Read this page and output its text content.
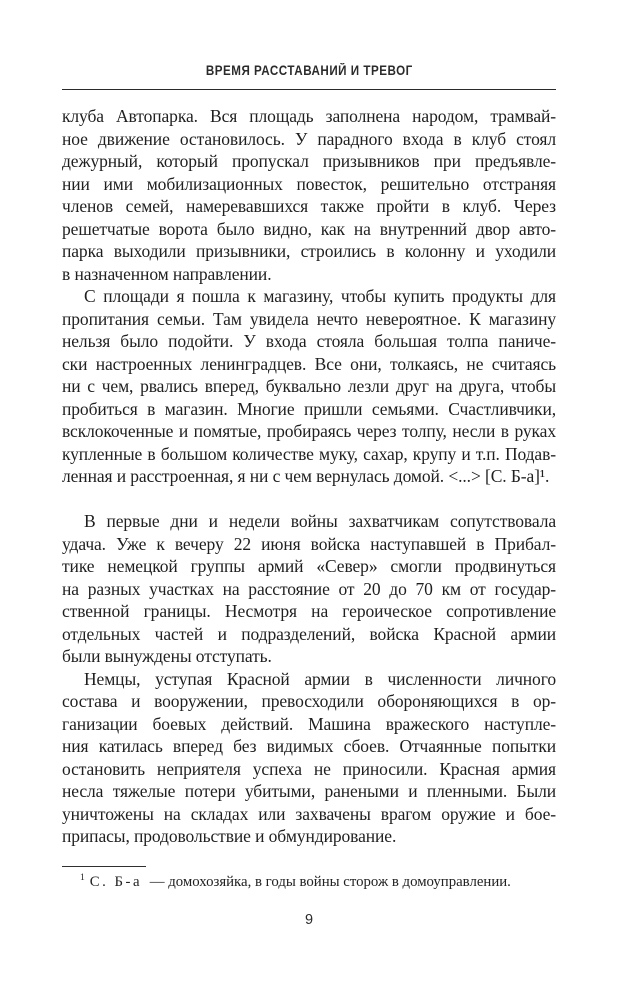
ВРЕМЯ РАССТАВАНИЙ И ТРЕВОГ
клуба Автопарка. Вся площадь заполнена народом, трамвай-
ное движение остановилось. У парадного входа в клуб стоял
дежурный, который пропускал призывников при предъявле-
нии ими мобилизационных повесток, решительно отстраняя
членов семей, намеревавшихся также пройти в клуб. Через
решетчатые ворота было видно, как на внутренний двор авто-
парка выходили призывники, строились в колонну и уходили
в назначенном направлении.
С площади я пошла к магазину, чтобы купить продукты для
пропитания семьи. Там увидела нечто невероятное. К магазину
нельзя было подойти. У входа стояла большая толпа паниче-
ски настроенных ленинградцев. Все они, толкаясь, не считаясь
ни с чем, рвались вперед, буквально лезли друг на друга, чтобы
пробиться в магазин. Многие пришли семьями. Счастливчики,
всклокоченные и помятые, пробираясь через толпу, несли в руках
купленные в большом количестве муку, сахар, крупу и т.п. Подав-
ленная и расстроенная, я ни с чем вернулась домой. <...> [С. Б-а]¹.
В первые дни и недели войны захватчикам сопутствовала
удача. Уже к вечеру 22 июня войска наступавшей в Прибал-
тике немецкой группы армий «Север» смогли продвинуться
на разных участках на расстояние от 20 до 70 км от государ-
ственной границы. Несмотря на героическое сопротивление
отдельных частей и подразделений, войска Красной армии
были вынуждены отступать.
Немцы, уступая Красной армии в численности личного
состава и вооружении, превосходили обороняющихся в ор-
ганизации боевых действий. Машина вражеского наступле-
ния катилась вперед без видимых сбоев. Отчаянные попытки
остановить неприятеля успеха не приносили. Красная армия
несла тяжелые потери убитыми, ранеными и пленными. Были
уничтожены на складах или захвачены врагом оружие и бое-
припасы, продовольствие и обмундирование.
$^1$ С. Б-а — домохозяйка, в годы войны сторож в домоуправлении.
9
